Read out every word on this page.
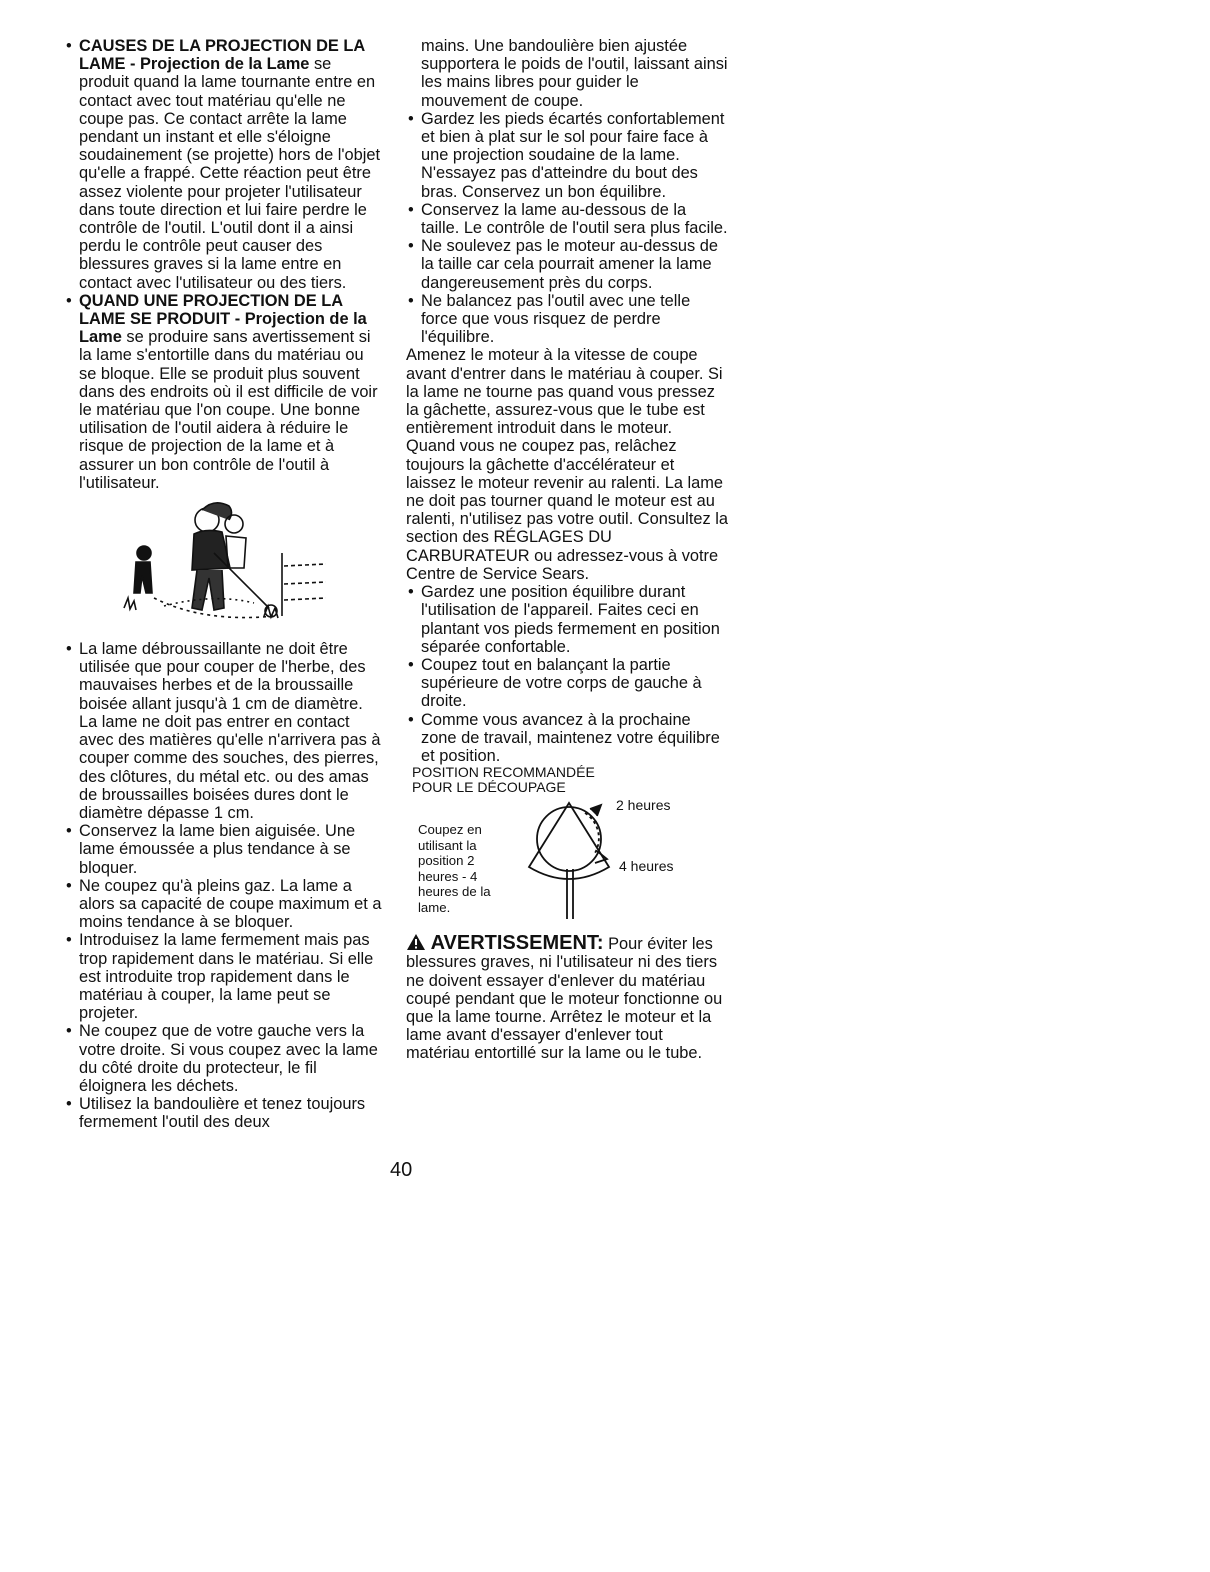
• CAUSES DE LA PROJECTION DE LA LAME - Projection de la Lame se produit quand la lame tournante entre en contact avec tout matériau qu'elle ne coupe pas. Ce contact arrête la lame pendant un instant et elle s'éloigne soudainement (se projette) hors de l'objet qu'elle a frappé. Cette réaction peut être assez violente pour projeter l'utilisateur dans toute direction et lui faire perdre le contrôle de l'outil. L'outil dont il a ainsi perdu le contrôle peut causer des blessures graves si la lame entre en contact avec l'utilisateur ou des tiers.
• QUAND UNE PROJECTION DE LA LAME SE PRODUIT - Projection de la Lame se produire sans avertissement si la lame s'entortille dans du matériau ou se bloque. Elle se produit plus souvent dans des endroits où il est difficile de voir le matériau que l'on coupe. Une bonne utilisation de l'outil aidera à réduire le risque de projection de la lame et à assurer un bon contrôle de l'outil à l'utilisateur.
• La lame débroussaillante ne doit être utilisée que pour couper de l'herbe, des mauvaises herbes et de la broussaille boisée allant jusqu'à 1 cm de diamètre. La lame ne doit pas entrer en contact avec des matières qu'elle n'arrivera pas à couper comme des souches, des pierres, des clôtures, du métal etc. ou des amas de broussailles boisées dures dont le diamètre dépasse 1 cm.
• Conservez la lame bien aiguisée. Une lame émoussée a plus tendance à se bloquer.
• Ne coupez qu'à pleins gaz. La lame a alors sa capacité de coupe maximum et a moins tendance à se bloquer.
• Introduisez la lame fermement mais pas trop rapidement dans le matériau. Si elle est introduite trop rapidement dans le matériau à couper, la lame peut se projeter.
• Ne coupez que de votre gauche vers la votre droite. Si vous coupez avec la lame du côté droite du protecteur, le fil éloignera les déchets.
• Utilisez la bandoulière et tenez toujours fermement l'outil des deux

mains. Une bandoulière bien ajustée supportera le poids de l'outil, laissant ainsi les mains libres pour guider le mouvement de coupe.

• Gardez les pieds écartés confortablement et bien à plat sur le sol pour faire face à une projection soudaine de la lame. N'essayez pas d'atteindre du bout des bras. Conservez un bon équilibre.
• Conservez la lame au-dessous de la taille. Le contrôle de l'outil sera plus facile.
• Ne soulevez pas le moteur au-dessus de la taille car cela pourrait amener la lame dangereusement près du corps.
• Ne balancez pas l'outil avec une telle force que vous risquez de perdre l'équilibre.

Amenez le moteur à la vitesse de coupe avant d'entrer dans le matériau à couper. Si la lame ne tourne pas quand vous pressez la gâchette, assurez-vous que le tube est entièrement introduit dans le moteur.

Quand vous ne coupez pas, relâchez toujours la gâchette d'accélérateur et laissez le moteur revenir au ralenti. La lame ne doit pas tourner quand le moteur est au ralenti, n'utilisez pas votre outil. Consultez la section des RÉGLAGES DU CARBURATEUR ou adressez-vous à votre Centre de Service Sears.

• Gardez une position équilibre durant l'utilisation de l'appareil. Faites ceci en plantant vos pieds fermement en position séparée confortable.
• Coupez tout en balançant la partie supérieure de votre corps de gauche à droite.
• Comme vous avancez à la prochaine zone de travail, maintenez votre équilibre et position.
POSITION RECOMMANDÉE
POUR LE DÉCOUPAGE
Coupez en utilisant la position 2 heures - 4 heures de la lame.
2 heures
4 heures
AVERTISSEMENT: Pour éviter les blessures graves, ni l'utilisateur ni des tiers ne doivent essayer d'enlever du matériau coupé pendant que le moteur fonctionne ou que la lame tourne. Arrêtez le moteur et la lame avant d'essayer d'enlever tout matériau entortillé sur la lame ou le tube.
40
